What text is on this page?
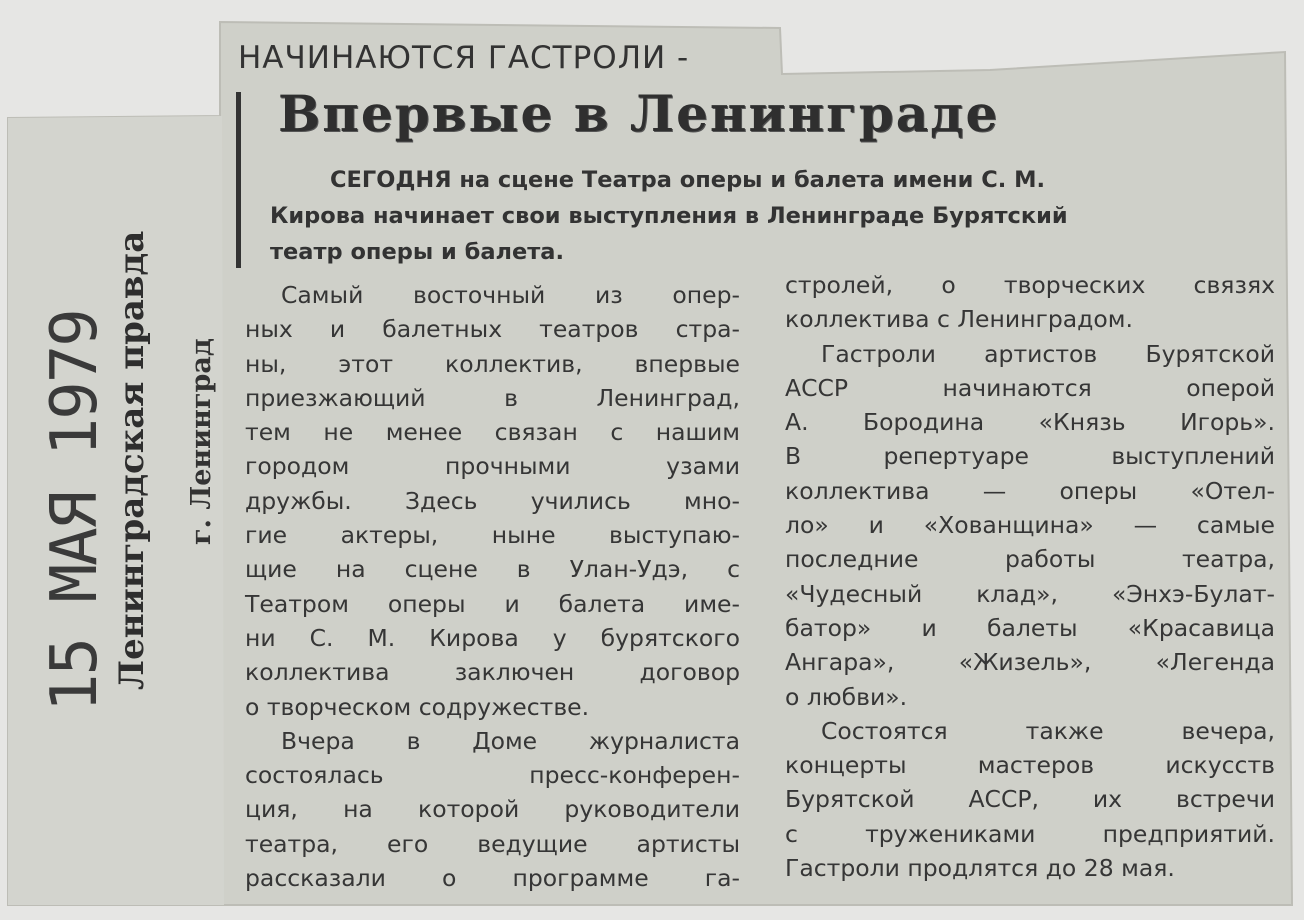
15 МАЯ 1979 Ленинградская правда г. Ленинград
НАЧИНАЮТСЯ ГАСТРОЛИ -
Впервые в Ленинграде
СЕГОДНЯ на сцене Театра оперы и балета имени С. М.
Кирова начинает свои выступления в Ленинграде Бурятский
театр оперы и балета.
Самый восточный из опер-
ных и балетных театров стра-
ны, этот коллектив, впервые
приезжающий в Ленинград,
тем не менее связан с нашим
городом прочными узами
дружбы. Здесь учились мно-
гие актеры, ныне выступаю-
щие на сцене в Улан-Удэ, с
Театром оперы и балета име-
ни С. М. Кирова у бурятского
коллектива заключен договор
о творческом содружестве.
Вчера в Доме журналиста
состоялась пресс-конферен-
ция, на которой руководители
театра, его ведущие артисты
рассказали о программе га-
стролей, о творческих связях
коллектива с Ленинградом.
Гастроли артистов Бурятской
АССР начинаются оперой
А. Бородина «Князь Игорь».
В репертуаре выступлений
коллектива — оперы «Отел-
ло» и «Хованщина» — самые
последние работы театра,
«Чудесный клад», «Энхэ-Булат-
батор» и балеты «Красавица
Ангара», «Жизель», «Легенда
о любви».
Состоятся также вечера,
концерты мастеров искусств
Бурятской АССР, их встречи
с тружениками предприятий.
Гастроли продлятся до 28 мая.
